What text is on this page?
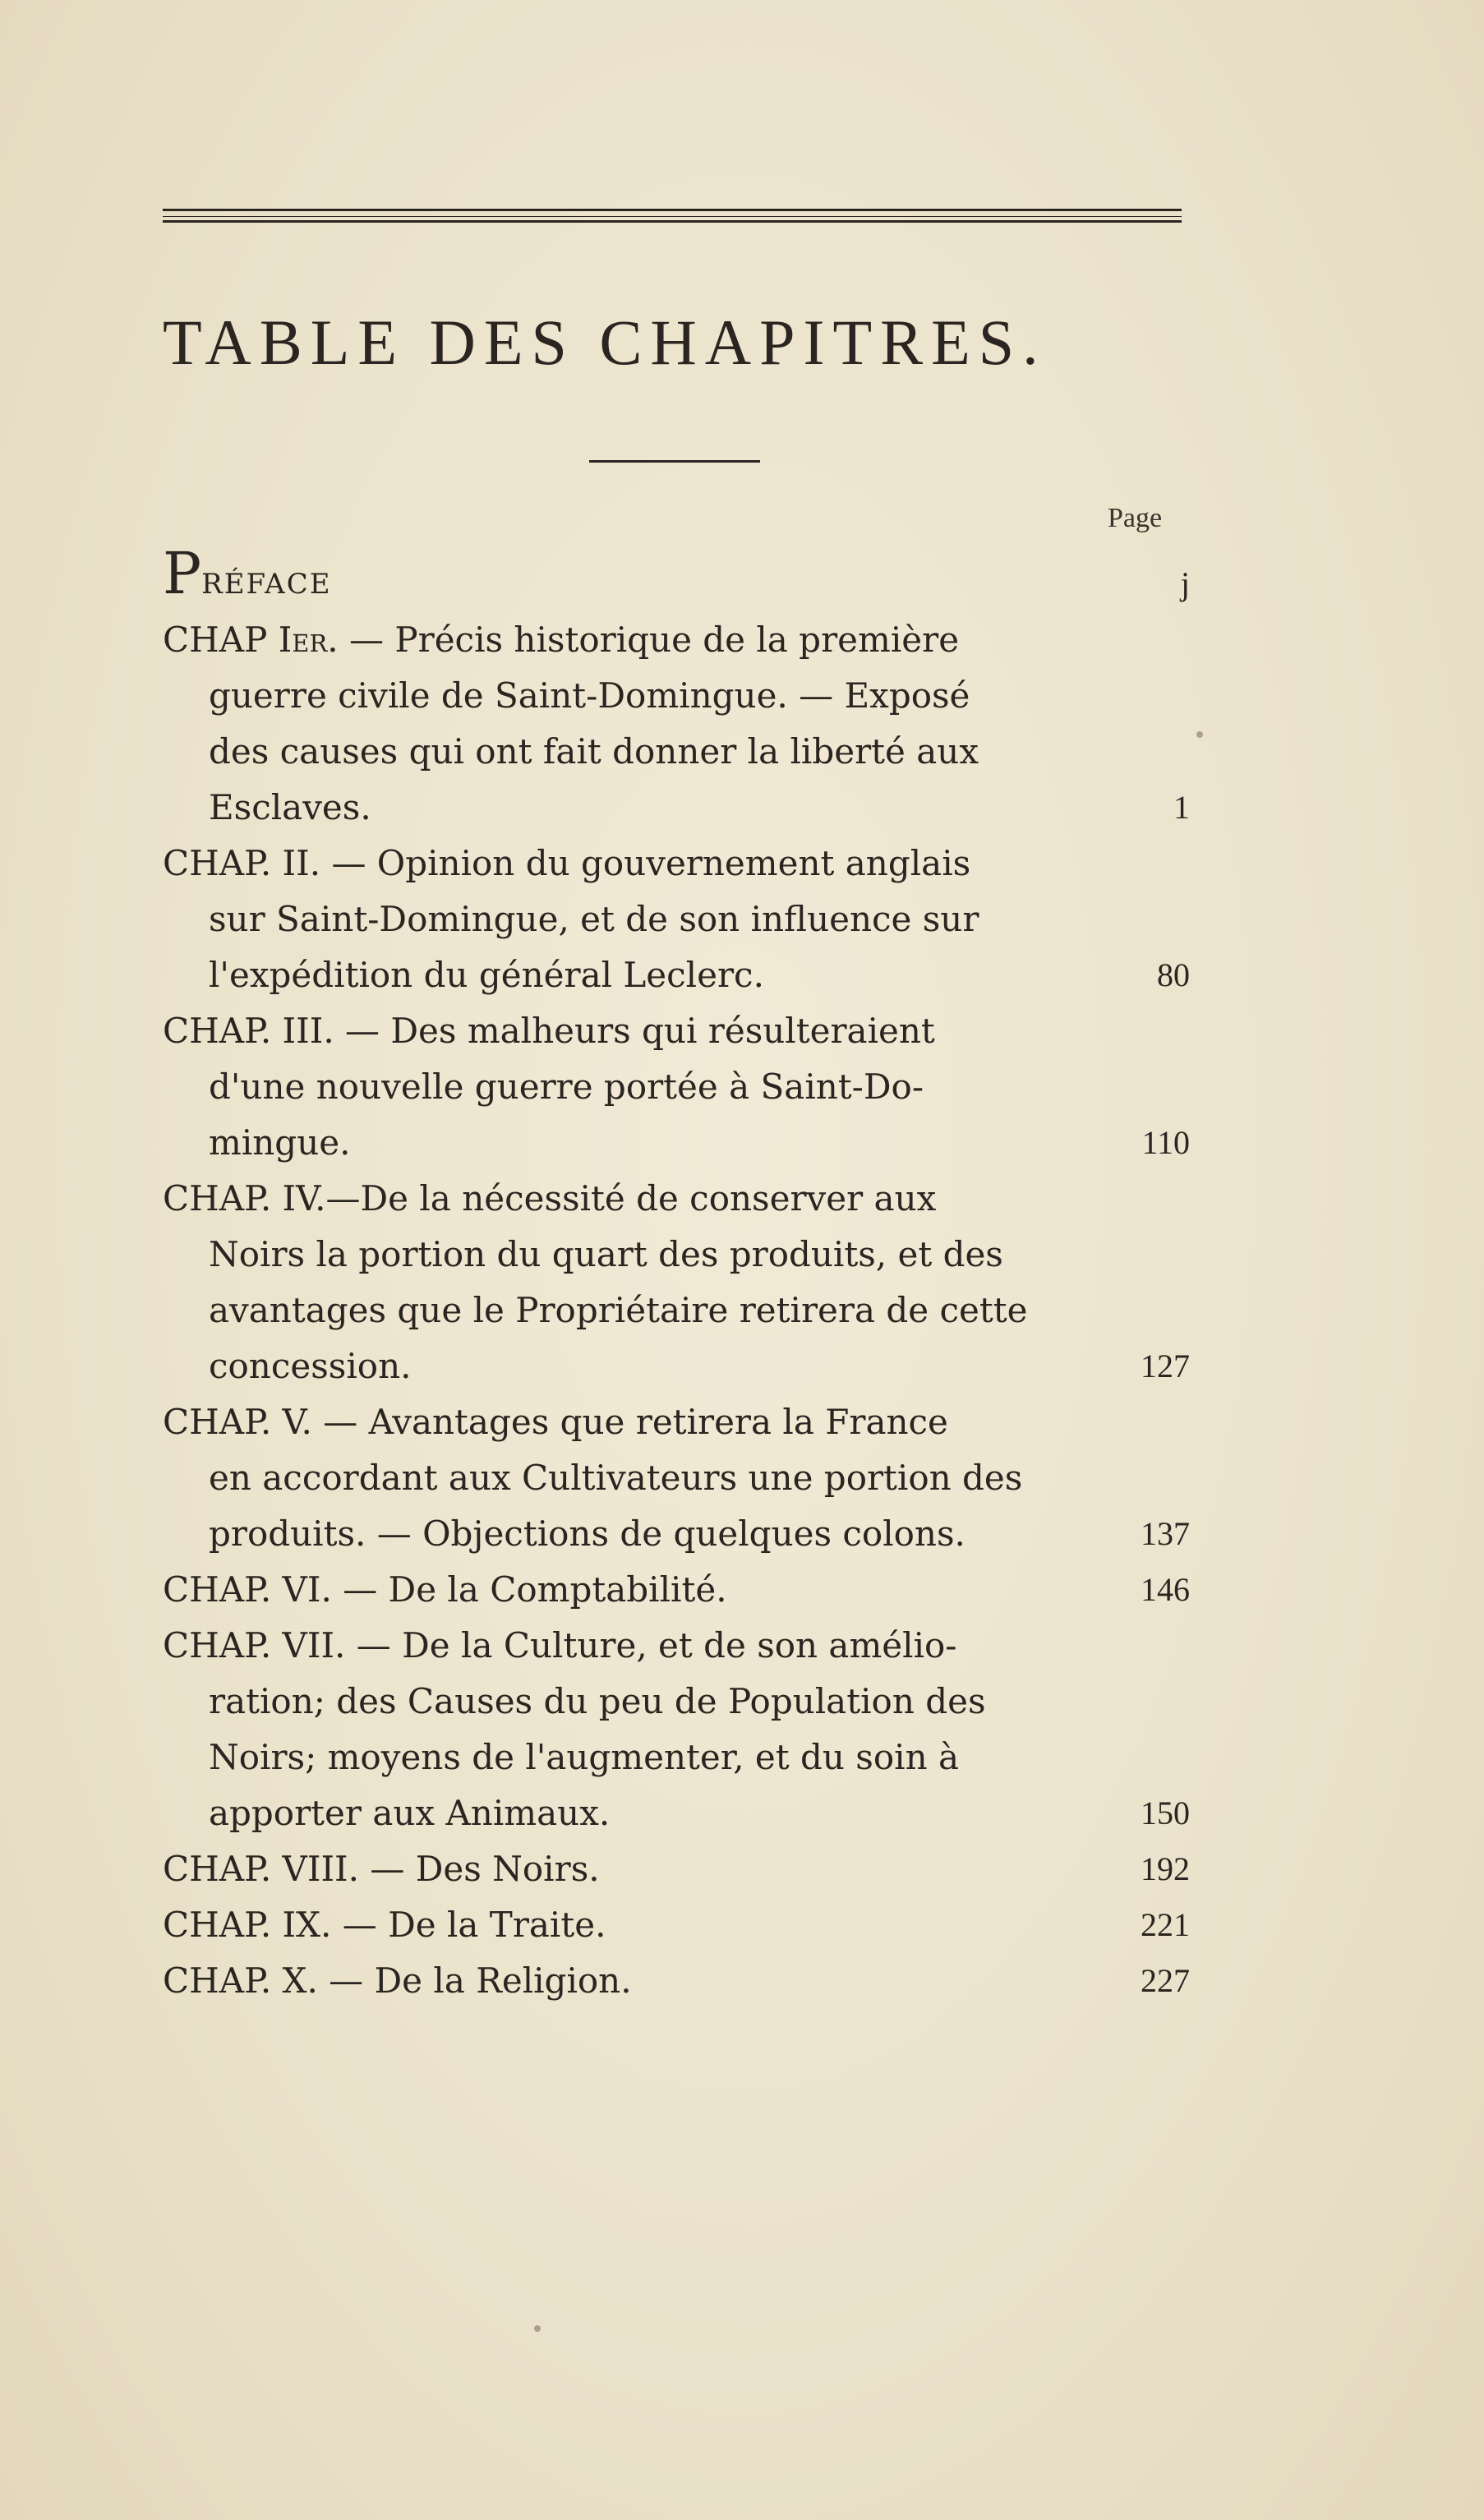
TABLE DES CHAPITRES.
Page
PRÉFACE	j
CHAP Ier. — Précis historique de la première
guerre civile de Saint-Domingue. — Exposé
des causes qui ont fait donner la liberté aux
Esclaves.	1
CHAP. II. — Opinion du gouvernement anglais
sur Saint-Domingue, et de son influence sur
l'expédition du général Leclerc.	80
CHAP. III. — Des malheurs qui résulteraient
d'une nouvelle guerre portée à Saint-Do-
mingue.	110
CHAP. IV.—De la nécessité de conserver aux
Noirs la portion du quart des produits, et des
avantages que le Propriétaire retirera de cette
concession.	127
CHAP. V. — Avantages que retirera la France
en accordant aux Cultivateurs une portion des
produits. — Objections de quelques colons.	137
CHAP. VI. — De la Comptabilité.	146
CHAP. VII. — De la Culture, et de son amélio-
ration; des Causes du peu de Population des
Noirs; moyens de l'augmenter, et du soin à
apporter aux Animaux.	150
CHAP. VIII. — Des Noirs.	192
CHAP. IX. — De la Traite.	221
CHAP. X. — De la Religion.	227
